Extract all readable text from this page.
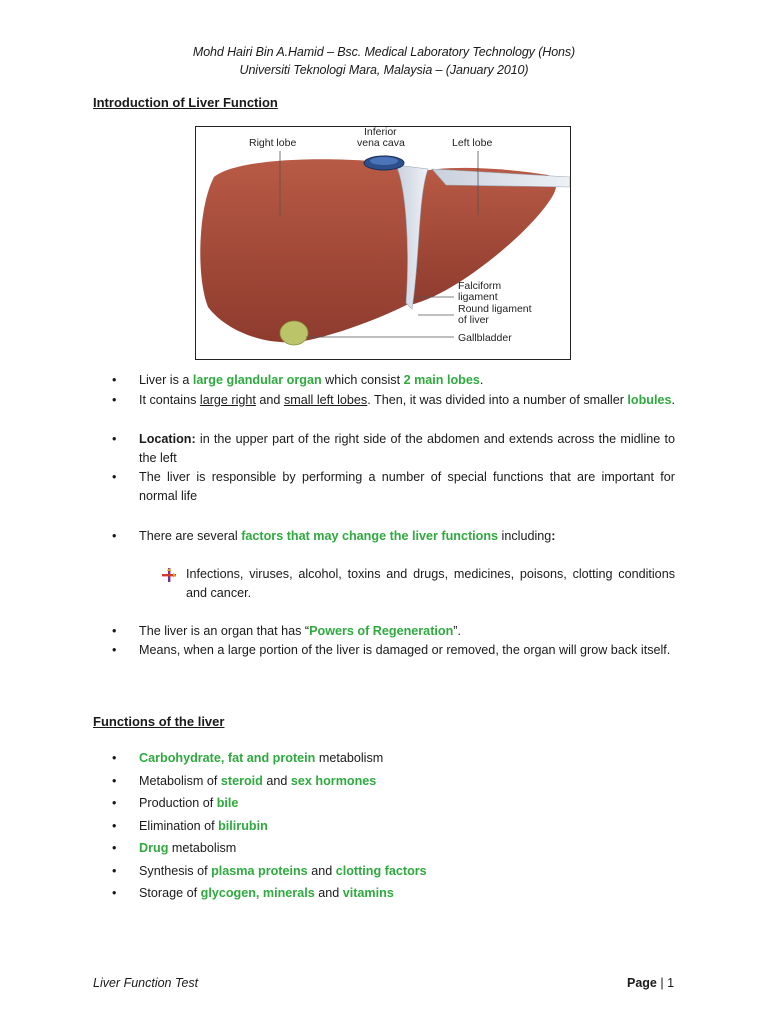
Mohd Hairi Bin A.Hamid – Bsc. Medical Laboratory Technology (Hons)
Universiti Teknologi Mara, Malaysia – (January 2010)
Introduction of Liver Function
Right lobe
Inferior
vena cava	Left lobe
Falciform
ligament
Round ligament
of liver
Gallbladder
• Liver is a large glandular organ which consist 2 main lobes.
• It contains large right and small left lobes. Then, it was divided into a number of smaller lobules.
• Location: in the upper part of the right side of the abdomen and extends across the midline to the left
• The liver is responsible by performing a number of special functions that are important for normal life
• There are several factors that may change the liver functions including:
Infections, viruses, alcohol, toxins and drugs, medicines, poisons, clotting conditions and cancer.
• The liver is an organ that has “Powers of Regeneration”.
• Means, when a large portion of the liver is damaged or removed, the organ will grow back itself.
Functions of the liver
• Carbohydrate, fat and protein metabolism
• Metabolism of steroid and sex hormones
• Production of bile
• Elimination of bilirubin
• Drug metabolism
• Synthesis of plasma proteins and clotting factors
• Storage of glycogen, minerals and vitamins
Liver Function Test	Page | 1
